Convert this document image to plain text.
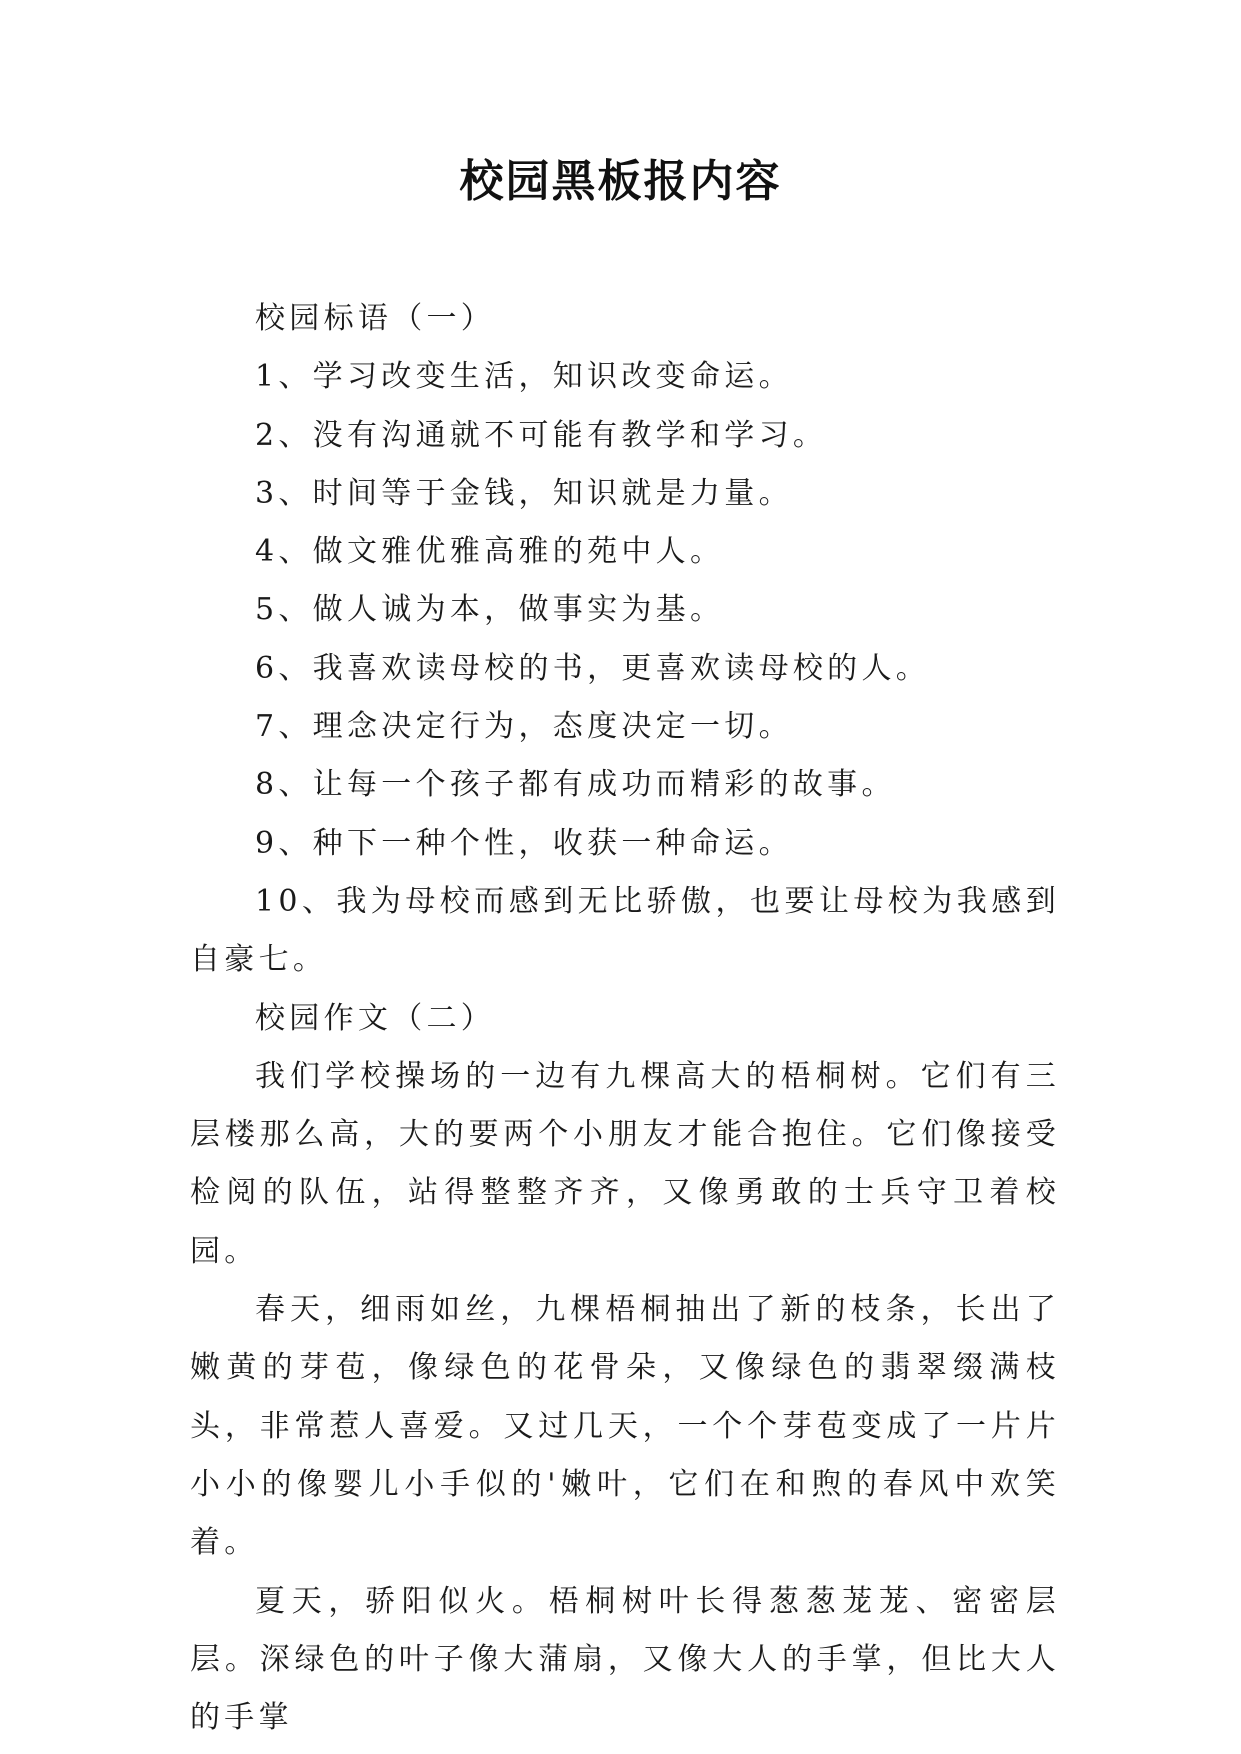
校园黑板报内容

校园标语（一）

1、学习改变生活，知识改变命运。

2、没有沟通就不可能有教学和学习。

3、时间等于金钱，知识就是力量。

4、做文雅优雅高雅的苑中人。

5、做人诚为本，做事实为基。

6、我喜欢读母校的书，更喜欢读母校的人。

7、理念决定行为，态度决定一切。

8、让每一个孩子都有成功而精彩的故事。

9、种下一种个性，收获一种命运。

10、我为母校而感到无比骄傲，也要让母校为我感到自豪七。

校园作文（二）

我们学校操场的一边有九棵高大的梧桐树。它们有三层楼那么高，大的要两个小朋友才能合抱住。它们像接受检阅的队伍，站得整整齐齐，又像勇敢的士兵守卫着校园。

春天，细雨如丝，九棵梧桐抽出了新的枝条，长出了嫩黄的芽苞，像绿色的花骨朵，又像绿色的翡翠缀满枝头，非常惹人喜爱。又过几天，一个个芽苞变成了一片片小小的像婴儿小手似的'嫩叶，它们在和煦的春风中欢笑着。

夏天，骄阳似火。梧桐树叶长得葱葱茏茏、密密层层。深绿色的叶子像大蒲扇，又像大人的手掌，但比大人的手掌
